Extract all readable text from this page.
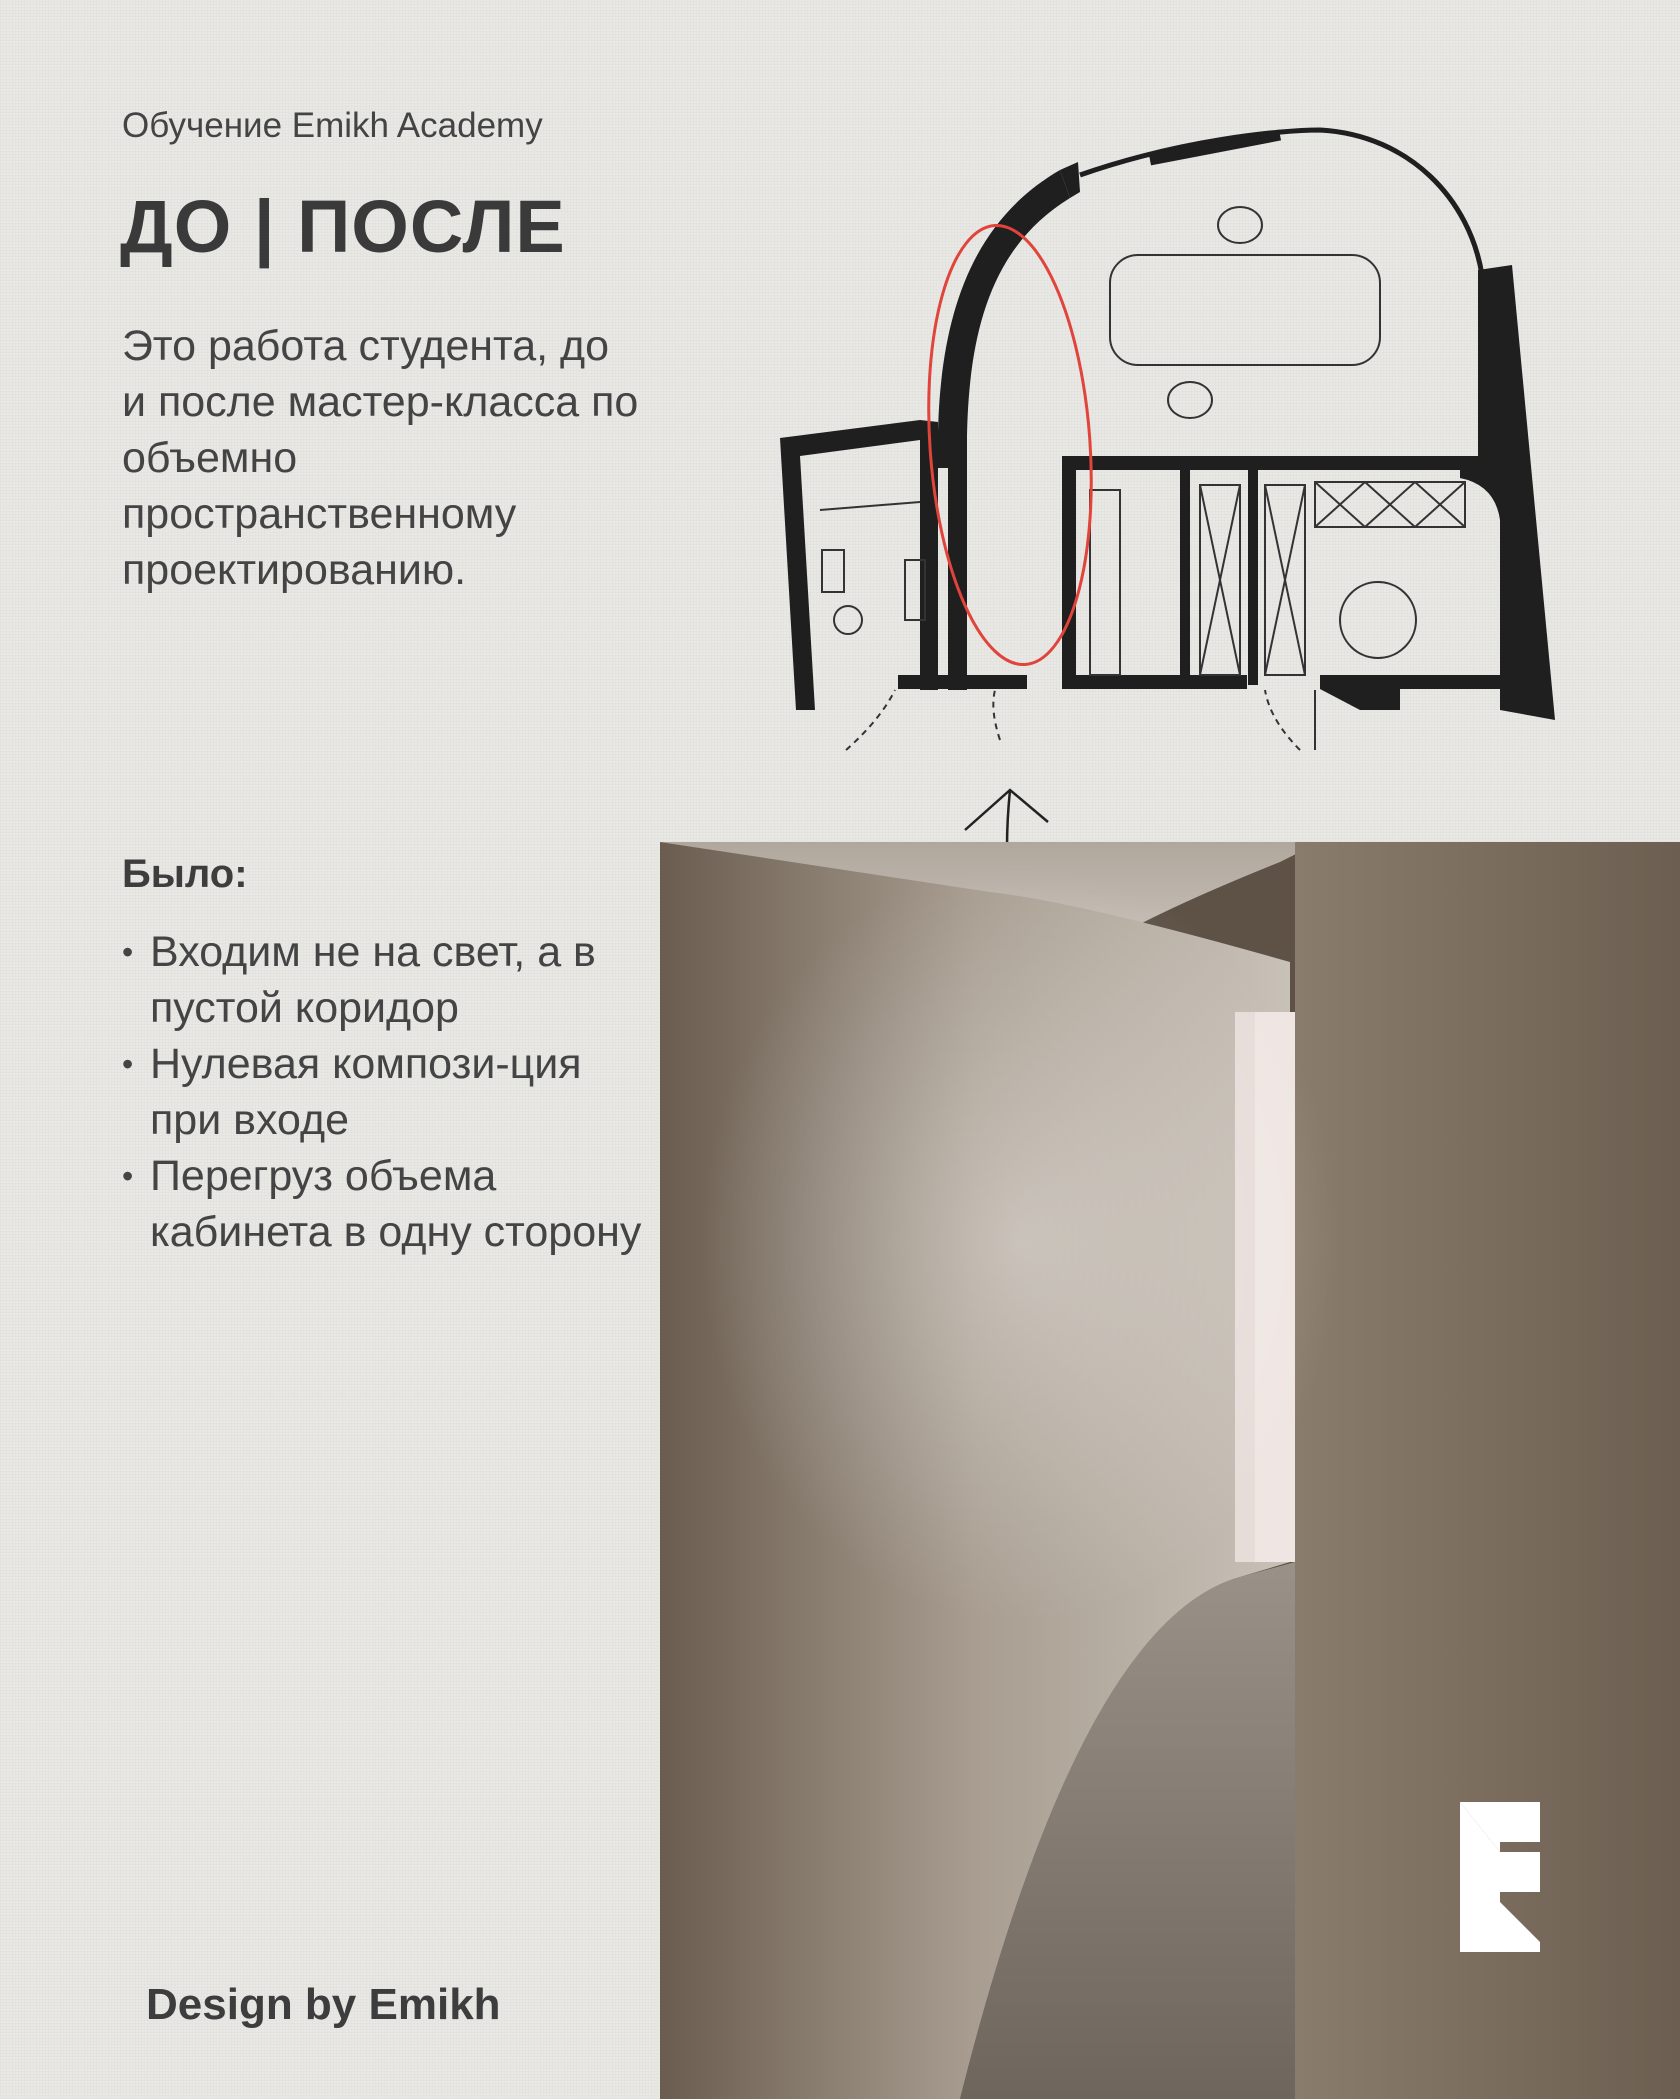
Обучение Emikh Academy
ДО | ПОСЛЕ
Это работа студента, до и после мастер-класса по объемно пространственному проектированию.
Было:
• Входим не на свет, а в пустой коридор
• Нулевая компози-ция при входе
• Перегруз объема кабинета в одну сторону
Design by Emikh
